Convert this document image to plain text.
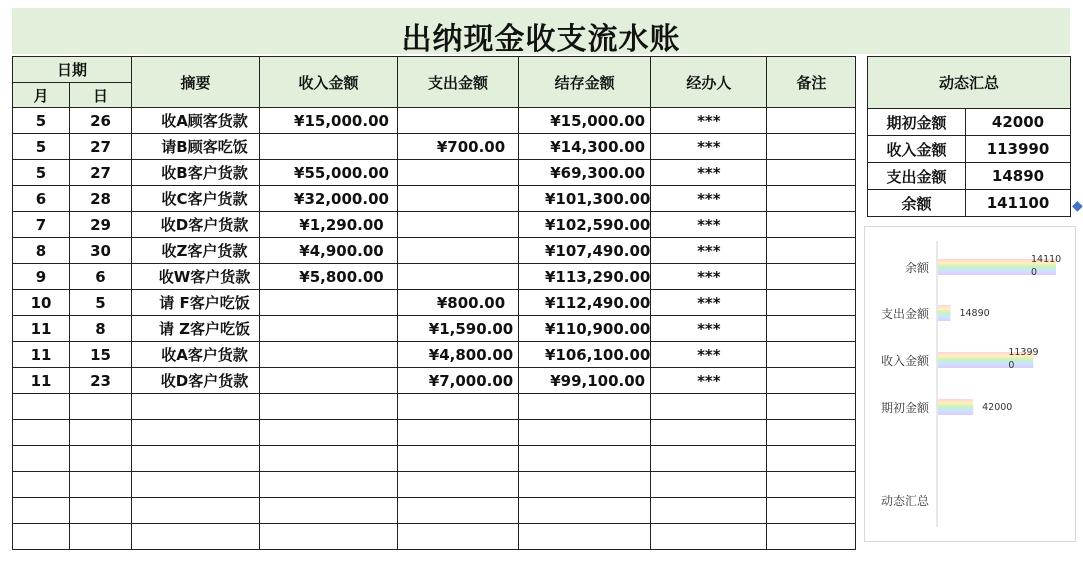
出纳现金收支流水账
日期		摘要	收入金额	支出金额	结存金额	经办人	备注
月	日						
5	26	收A顾客货款	¥15,000.00		¥15,000.00	***	
5	27	请B顾客吃饭		¥700.00	¥14,300.00	***	
5	27	收B客户货款	¥55,000.00		¥69,300.00	***	
6	28	收C客户货款	¥32,000.00		¥101,300.00	***	
7	29	收D客户货款	¥1,290.00		¥102,590.00	***	
8	30	收Z客户货款	¥4,900.00		¥107,490.00	***	
9	6	收W客户货款	¥5,800.00		¥113,290.00	***	
10	5	请 F客户吃饭		¥800.00	¥112,490.00	***	
11	8	请 Z客户吃饭		¥1,590.00	¥110,900.00	***	
11	15	收A客户货款		¥4,800.00	¥106,100.00	***	
11	23	收D客户货款		¥7,000.00	¥99,100.00	***	

动态汇总	
期初金额	42000
收入金额	113990
支出金额	14890
余额	141100 ◆
期初金额	42000
收入金额
11399
0
支出金额	14890
余额
14110
0
动态汇总
